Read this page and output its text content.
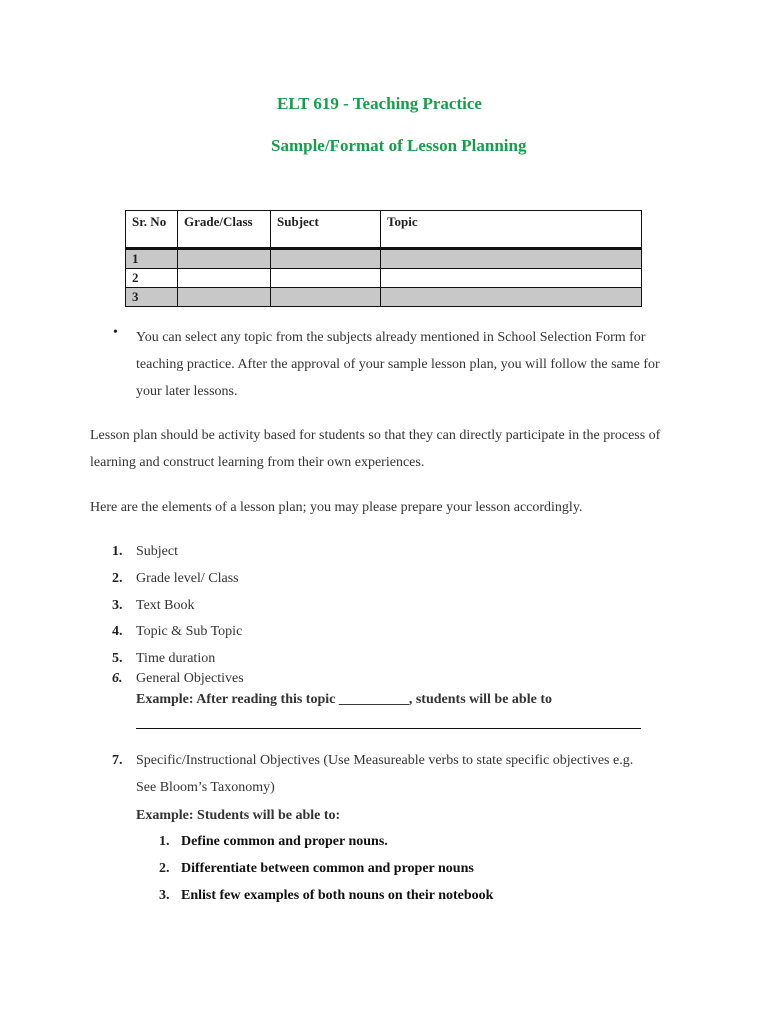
ELT 619 - Teaching Practice
Sample/Format of Lesson Planning
Sr. No	Grade/Class	Subject	Topic
1			
2			
3			
• You can select any topic from the subjects already mentioned in School Selection Form for teaching practice. After the approval of your sample lesson plan, you will follow the same for your later lessons.
Lesson plan should be activity based for students so that they can directly participate in the process of learning and construct learning from their own experiences.
Here are the elements of a lesson plan; you may please prepare your lesson accordingly.
1. Subject
2. Grade level/ Class
3. Text Book
4. Topic & Sub Topic
5. Time duration
6. General Objectives
Example: After reading this topic __________, students will be able to
7. Specific/Instructional Objectives (Use Measureable verbs to state specific objectives e.g.
See Bloom’s Taxonomy)
Example: Students will be able to:
1. Define common and proper nouns.
2. Differentiate between common and proper nouns
3. Enlist few examples of both nouns on their notebook
